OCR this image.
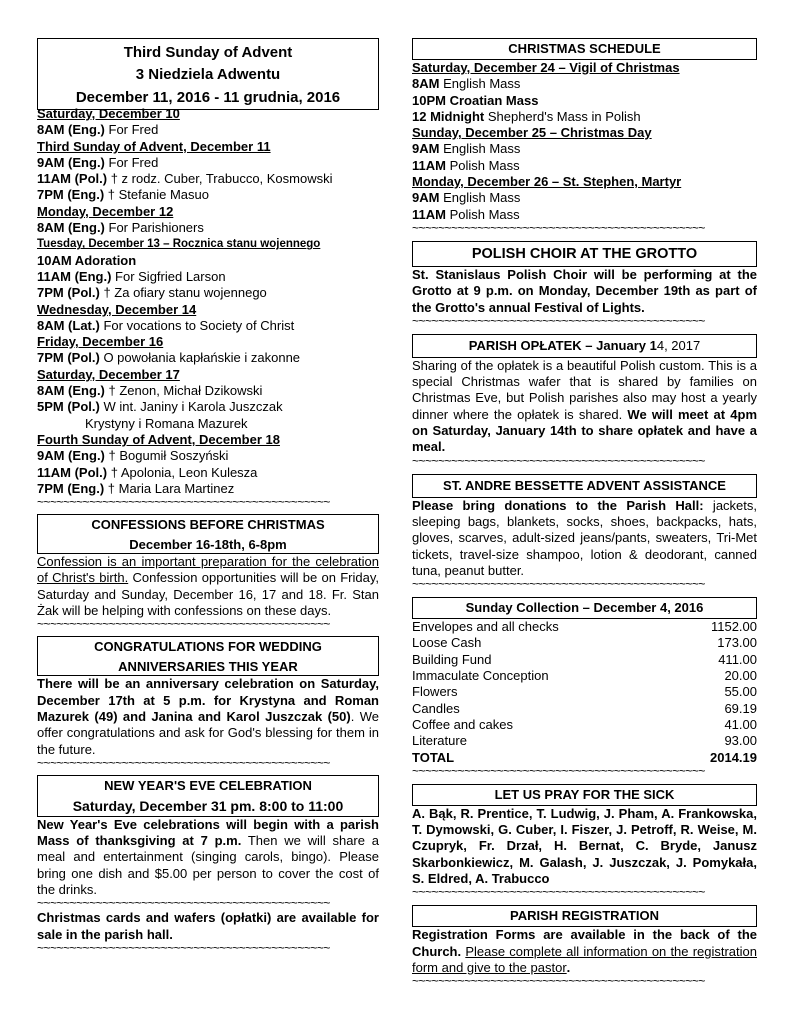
Third Sunday of Advent
3 Niedziela Adwentu
December 11, 2016 - 11 grudnia, 2016
Saturday, December 10
8AM (Eng.) For Fred
Third Sunday of Advent, December 11
9AM (Eng.) For Fred
11AM (Pol.) † z rodz. Cuber, Trabucco, Kosmowski
7PM (Eng.) † Stefanie Masuo
Monday, December 12
8AM (Eng.) For Parishioners
Tuesday, December 13 – Rocznica stanu wojennego
10AM Adoration
11AM (Eng.) For Sigfried Larson
7PM (Pol.) † Za ofiary stanu wojennego
Wednesday, December 14
8AM (Lat.) For vocations to Society of Christ
Friday, December 16
7PM (Pol.) O powołania kapłańskie i zakonne
Saturday, December 17
8AM (Eng.) † Zenon, Michał Dzikowski
5PM (Pol.) W int. Janiny i Karola Juszczak
Krystyny i Romana Mazurek
Fourth Sunday of Advent, December 18
9AM (Eng.) † Bogumił Soszyński
11AM (Pol.) † Apolonia, Leon Kulesza
7PM (Eng.) † Maria Lara Martinez
~~~~~~~~~~~~~~~~~~~~~~~~~~~~~~~~~~~~~~~~~~~~~
CONFESSIONS BEFORE CHRISTMAS
December 16-18th, 6-8pm
Confession is an important preparation for the celebration of Christ's birth. Confession opportunities will be on Friday, Saturday and Sunday, December 16, 17 and 18. Fr. Stan Żak will be helping with confessions on these days.
~~~~~~~~~~~~~~~~~~~~~~~~~~~~~~~~~~~~~~~~~~~~~
CONGRATULATIONS FOR WEDDING
ANNIVERSARIES THIS YEAR
There will be an anniversary celebration on Saturday, December 17th at 5 p.m. for Krystyna and Roman Mazurek (49) and Janina and Karol Juszczak (50). We offer congratulations and ask for God's blessing for them in the future.
~~~~~~~~~~~~~~~~~~~~~~~~~~~~~~~~~~~~~~~~~~~~~
NEW YEAR'S EVE CELEBRATION
Saturday, December 31 pm. 8:00 to 11:00
New Year's Eve celebrations will begin with a parish Mass of thanksgiving at 7 p.m. Then we will share a meal and entertainment (singing carols, bingo). Please bring one dish and $5.00 per person to cover the cost of the drinks.
~~~~~~~~~~~~~~~~~~~~~~~~~~~~~~~~~~~~~~~~~~~~~
Christmas cards and wafers (opłatki) are available for sale in the parish hall.
~~~~~~~~~~~~~~~~~~~~~~~~~~~~~~~~~~~~~~~~~~~~~
CHRISTMAS SCHEDULE
Saturday, December 24 – Vigil of Christmas
8AM English Mass
10PM Croatian Mass
12 Midnight Shepherd's Mass in Polish
Sunday, December 25 – Christmas Day
9AM English Mass
11AM Polish Mass
Monday, December 26 – St. Stephen, Martyr
9AM English Mass
11AM Polish Mass
~~~~~~~~~~~~~~~~~~~~~~~~~~~~~~~~~~~~~~~~~~~~~
POLISH CHOIR AT THE GROTTO
St. Stanislaus Polish Choir will be performing at the Grotto at 9 p.m. on Monday, December 19th as part of the Grotto's annual Festival of Lights.
~~~~~~~~~~~~~~~~~~~~~~~~~~~~~~~~~~~~~~~~~~~~~
PARISH OPŁATEK – January 14, 2017
Sharing of the opłatek is a beautiful Polish custom. This is a special Christmas wafer that is shared by families on Christmas Eve, but Polish parishes also may host a yearly dinner where the opłatek is shared. We will meet at 4pm on Saturday, January 14th to share opłatek and have a meal.
~~~~~~~~~~~~~~~~~~~~~~~~~~~~~~~~~~~~~~~~~~~~~
ST. ANDRE BESSETTE ADVENT ASSISTANCE
Please bring donations to the Parish Hall: jackets, sleeping bags, blankets, socks, shoes, backpacks, hats, gloves, scarves, adult-sized jeans/pants, sweaters, Tri-Met tickets, travel-size shampoo, lotion & deodorant, canned tuna, peanut butter.
~~~~~~~~~~~~~~~~~~~~~~~~~~~~~~~~~~~~~~~~~~~~~
Sunday Collection – December 4, 2016
Envelopes and all checks	1152.00
Loose Cash	173.00
Building Fund	411.00
Immaculate Conception	20.00
Flowers	55.00
Candles	69.19
Coffee and cakes	41.00
Literature	93.00
TOTAL	2014.19
~~~~~~~~~~~~~~~~~~~~~~~~~~~~~~~~~~~~~~~~~~~~~
LET US PRAY FOR THE SICK
A. Bąk, R. Prentice, T. Ludwig, J. Pham, A. Frankowska, T. Dymowski, G. Cuber, I. Fiszer, J. Petroff, R. Weise, M. Czupryk, Fr. Drzał, H. Bernat, C. Bryde, Janusz Skarbonkiewicz, M. Galash, J. Juszczak, J. Pomykała, S. Eldred, A. Trabucco
~~~~~~~~~~~~~~~~~~~~~~~~~~~~~~~~~~~~~~~~~~~~~
PARISH REGISTRATION
Registration Forms are available in the back of the Church. Please complete all information on the registration form and give to the pastor.
~~~~~~~~~~~~~~~~~~~~~~~~~~~~~~~~~~~~~~~~~~~~~
